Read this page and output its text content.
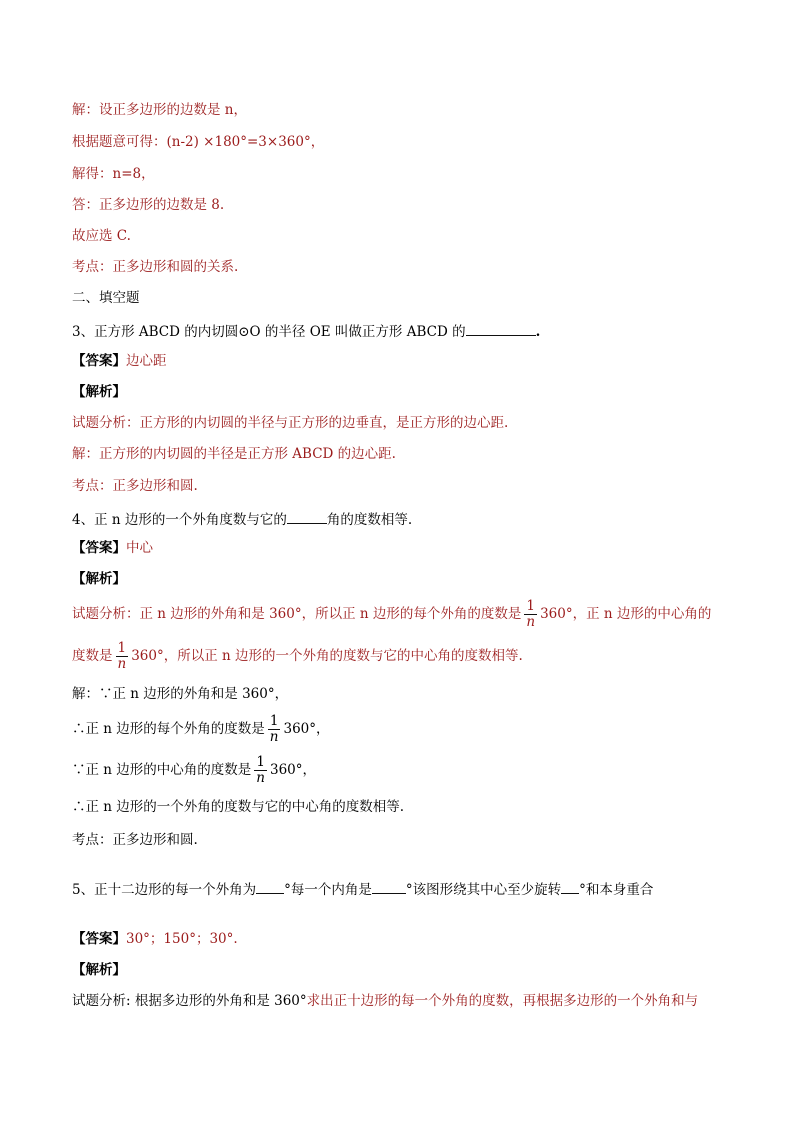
解：设正多边形的边数是 n，
根据题意可得：(n-2) ×180°=3×360°，
解得：n=8，
答：正多边形的边数是 8.
故应选 C.
考点：正多边形和圆的关系.
二、填空题
3、正方形 ABCD 的内切圆⊙O 的半径 OE 叫做正方形 ABCD 的	.
【答案】边心距
【解析】
试题分析：正方形的内切圆的半径与正方形的边垂直，是正方形的边心距.
解：正方形的内切圆的半径是正方形 ABCD 的边心距.
考点：正多边形和圆.
4、正 n 边形的一个外角度数与它的	角的度数相等.
【答案】中心
【解析】
试题分析：正 n 边形的外角和是 360°，所以正 n 边形的每个外角的度数是 $\frac{1}{n} 360^\circ$，正 n 边形的中心角的
度数是 $\frac{1}{n} 360^\circ$，所以正 n 边形的一个外角的度数与它的中心角的度数相等.
解：∵正 n 边形的外角和是 360°，
∴正 n 边形的每个外角的度数是 $\frac{1}{n} 360^\circ$，
∵正 n 边形的中心角的度数是 $\frac{1}{n} 360^\circ$，
∴正 n 边形的一个外角的度数与它的中心角的度数相等.
考点：正多边形和圆.
5、正十二边形的每一个外角为 °每一个内角是	°该图形绕其中心至少旋转 °和本身重合
【答案】30°；150°；30°.
【解析】
试题分析: 根据多边形的外角和是 360°求出正十边形的每一个外角的度数，再根据多边形的一个外角和与
